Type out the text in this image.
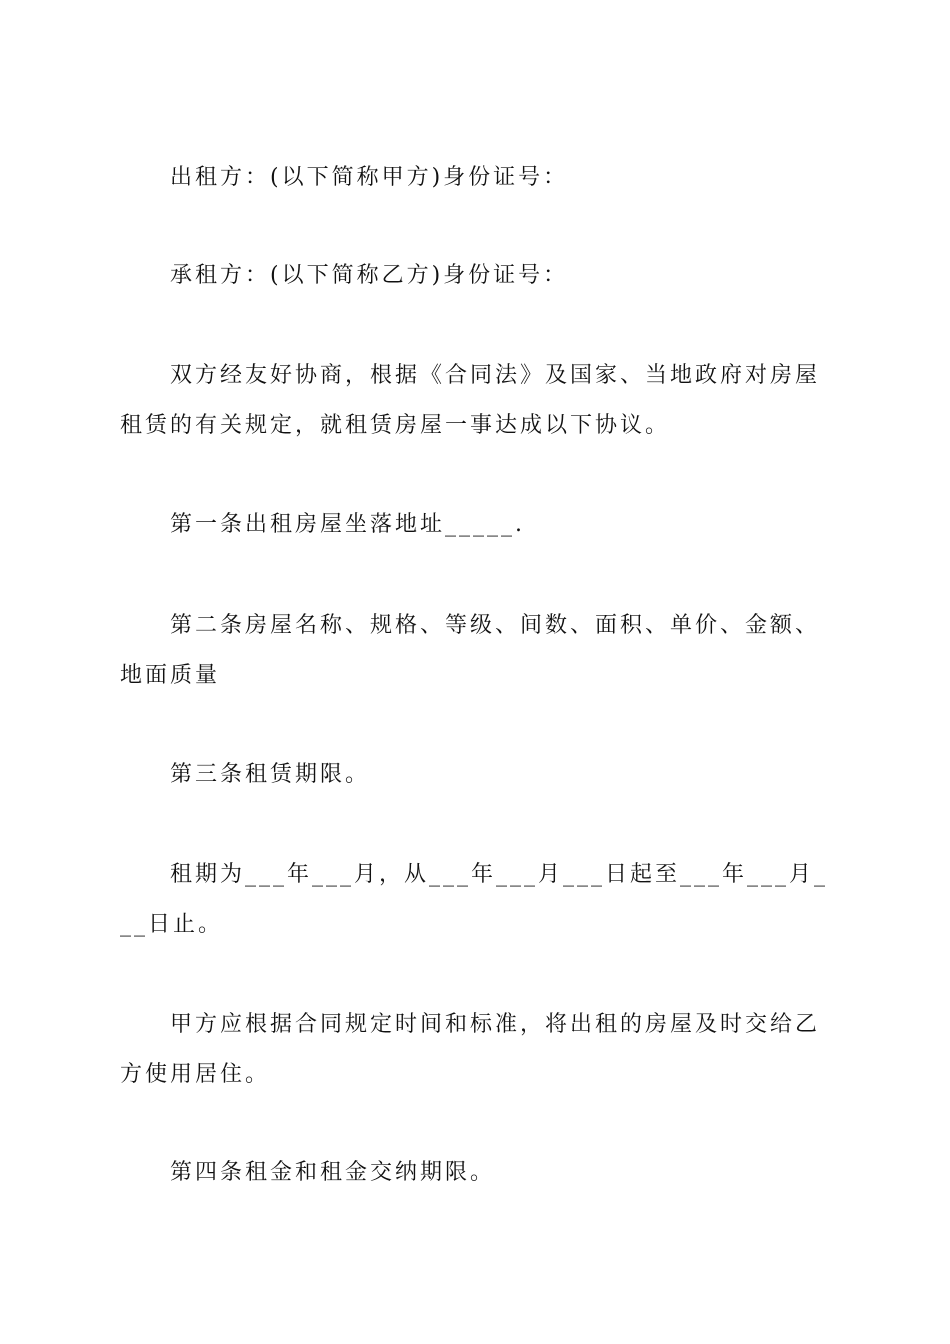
出租方：(以下简称甲方)身份证号：

承租方：(以下简称乙方)身份证号：

双方经友好协商，根据《合同法》及国家、当地政府对房屋租赁的有关规定，就租赁房屋一事达成以下协议。

第一条出租房屋坐落地址_____.

第二条房屋名称、规格、等级、间数、面积、单价、金额、地面质量

第三条租赁期限。

租期为___年___月，从___年___月___日起至___年___月___日止。

甲方应根据合同规定时间和标准，将出租的房屋及时交给乙方使用居住。

第四条租金和租金交纳期限。
